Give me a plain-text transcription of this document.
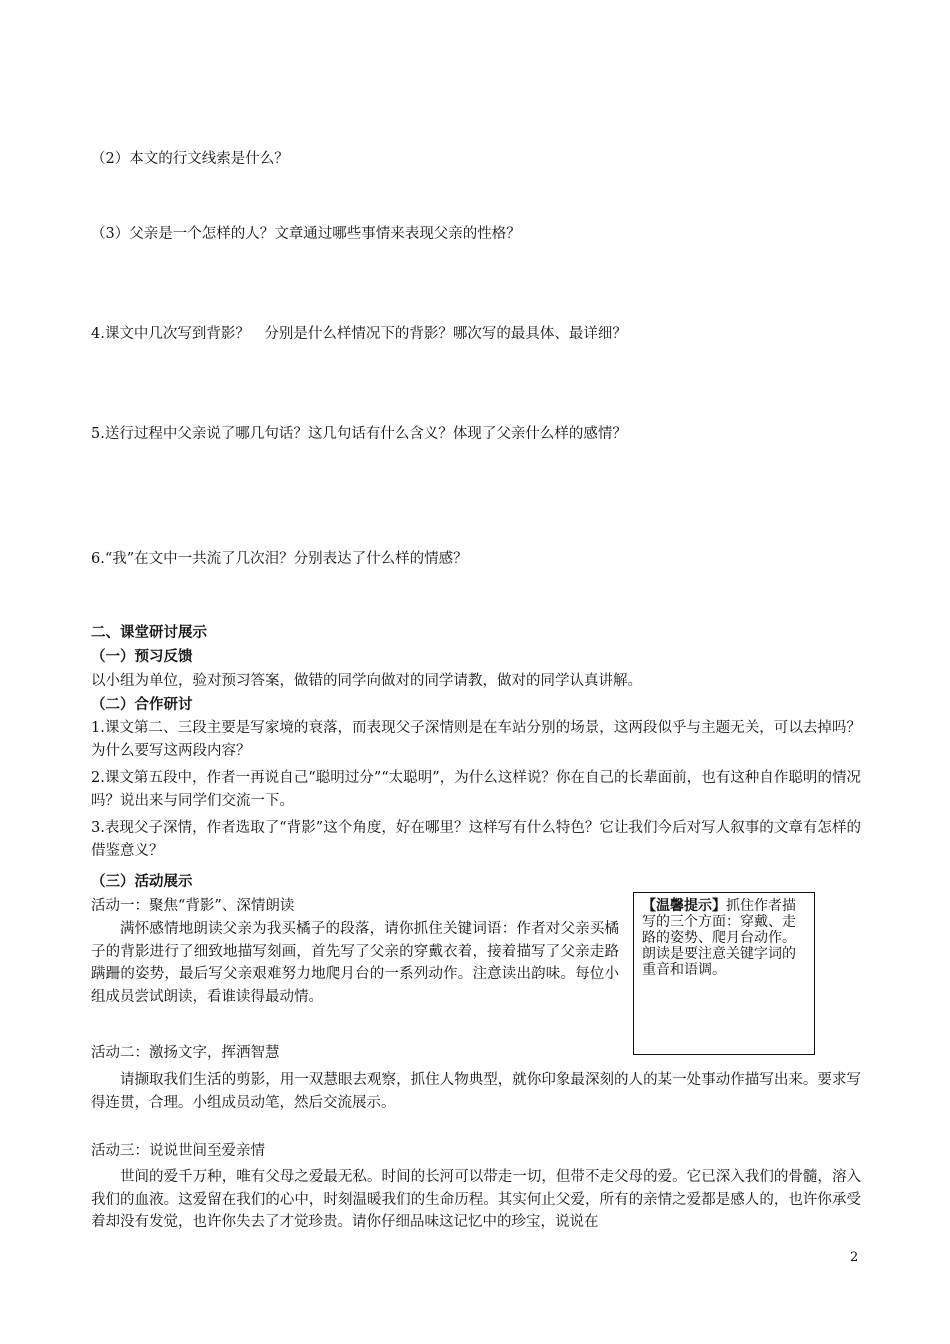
（2）本文的行文线索是什么？
（3）父亲是一个怎样的人？文章通过哪些事情来表现父亲的性格？
4.课文中几次写到背影？　分别是什么样情况下的背影？哪次写的最具体、最详细？
5.送行过程中父亲说了哪几句话？这几句话有什么含义？体现了父亲什么样的感情？
6.“我”在文中一共流了几次泪？分别表达了什么样的情感？
二、课堂研讨展示
（一）预习反馈
以小组为单位，验对预习答案，做错的同学向做对的同学请教，做对的同学认真讲解。
（二）合作研讨

1.课文第二、三段主要是写家境的衰落，而表现父子深情则是在车站分别的场景，这两段似乎与主题无关，可以去掉吗？为什么要写这两段内容？

2.课文第五段中，作者一再说自己“聪明过分”“太聪明”，为什么这样说？你在自己的长辈面前，也有这种自作聪明的情况吗？说出来与同学们交流一下。

3.表现父子深情，作者选取了“背影”这个角度，好在哪里？这样写有什么特色？它让我们今后对写人叙事的文章有怎样的借鉴意义？

（三）活动展示
活动一：聚焦“背影”、深情朗读

满怀感情地朗读父亲为我买橘子的段落，请你抓住关键词语：作者对父亲买橘子的背影进行了细致地描写刻画，首先写了父亲的穿戴衣着，接着描写了父亲走路蹒跚的姿势，最后写父亲艰难努力地爬月台的一系列动作。注意读出韵味。每位小组成员尝试朗读，看谁读得最动情。

【温馨提示】抓住作者描写的三个方面：穿戴、走路的姿势、爬月台动作。朗读是要注意关键字词的重音和语调。
活动二：激扬文字，挥洒智慧

请撷取我们生活的剪影，用一双慧眼去观察，抓住人物典型，就你印象最深刻的人的某一处事动作描写出来。要求写得连贯，合理。小组成员动笔，然后交流展示。

活动三：说说世间至爱亲情

世间的爱千万种，唯有父母之爱最无私。时间的长河可以带走一切，但带不走父母的爱。它已深入我们的骨髓，溶入我们的血液。这爱留在我们的心中，时刻温暖我们的生命历程。其实何止父爱，所有的亲情之爱都是感人的，也许你承受着却没有发觉，也许你失去了才觉珍贵。请你仔细品味这记忆中的珍宝，说说在

2
